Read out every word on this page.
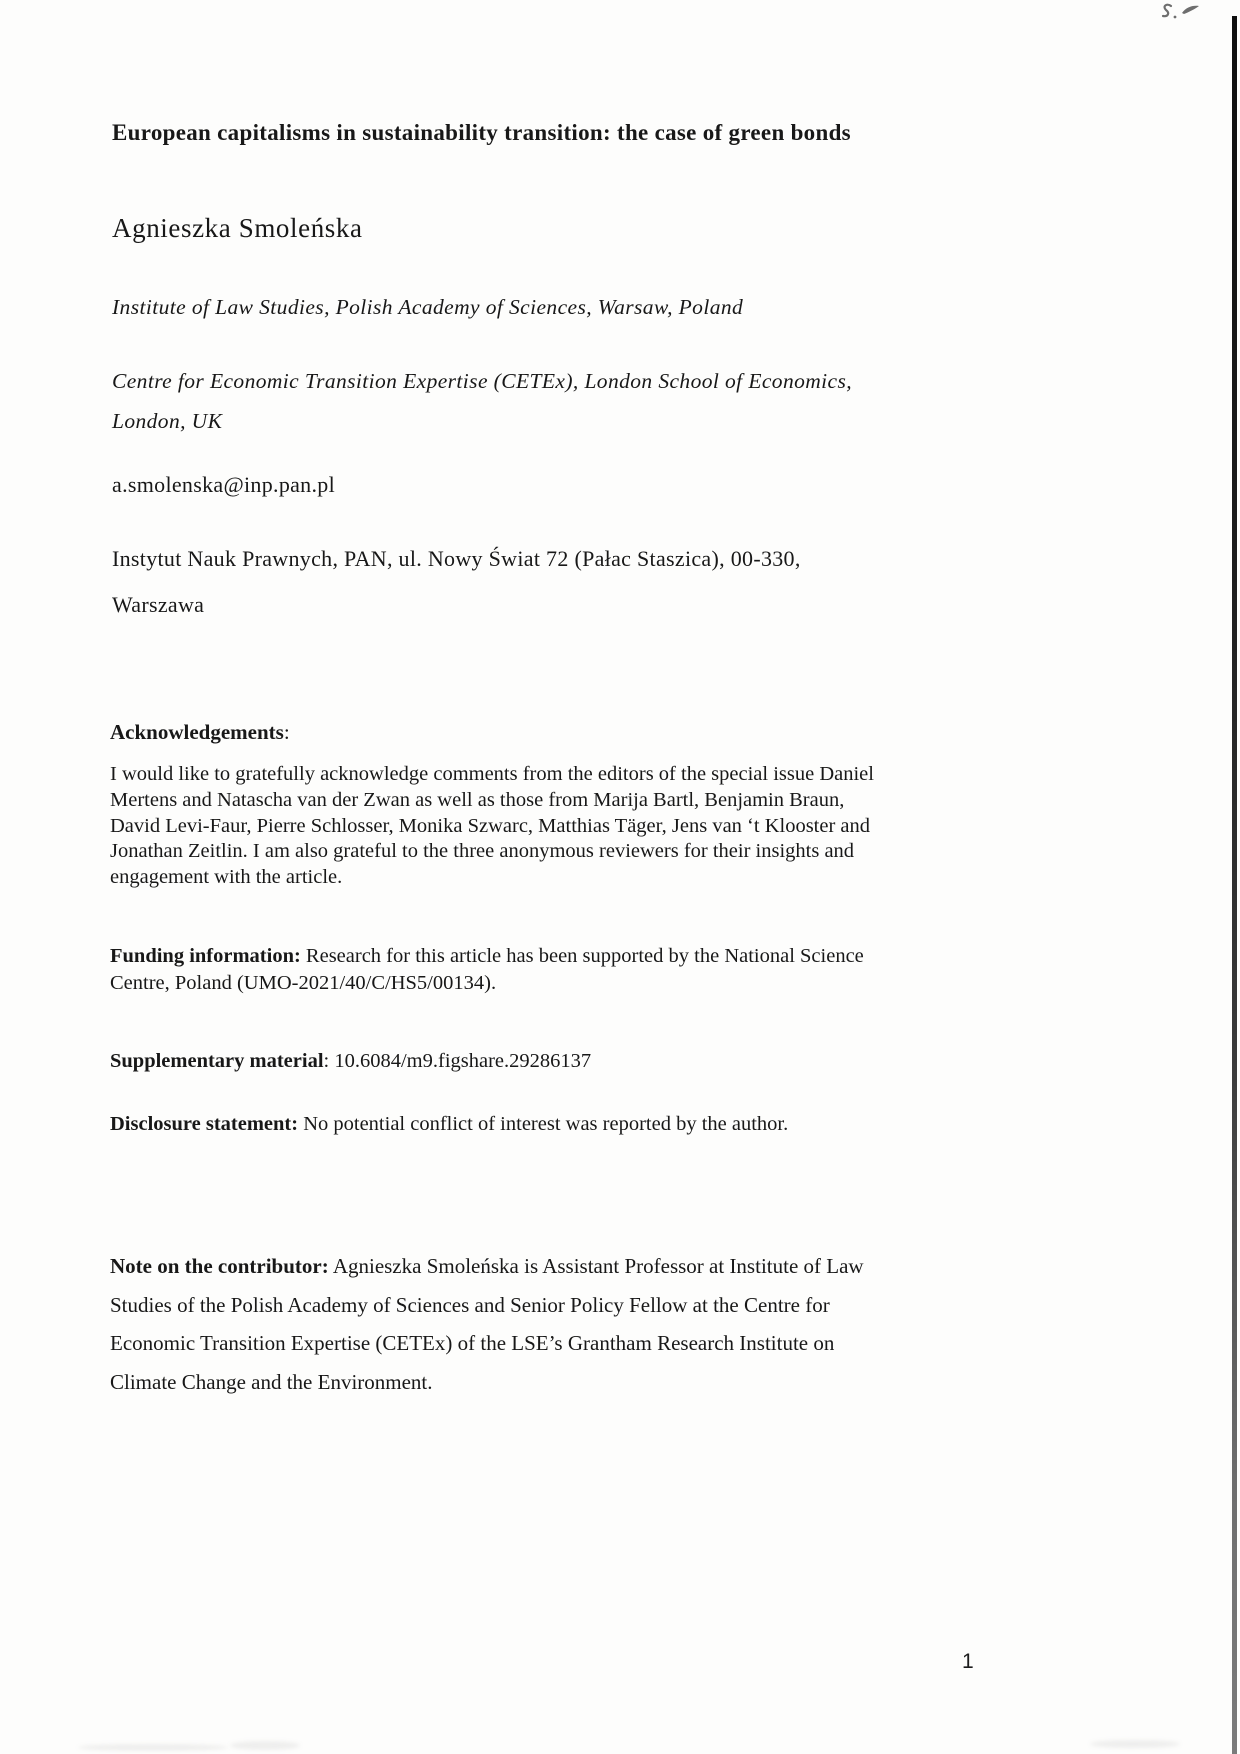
European capitalisms in sustainability transition: the case of green bonds
Agnieszka Smoleńska
Institute of Law Studies, Polish Academy of Sciences, Warsaw, Poland
Centre for Economic Transition Expertise (CETEx), London School of Economics,
London, UK
a.smolenska@inp.pan.pl
Instytut Nauk Prawnych, PAN, ul. Nowy Świat 72 (Pałac Staszica), 00-330,
Warszawa
Acknowledgements:

I would like to gratefully acknowledge comments from the editors of the special issue Daniel
Mertens and Natascha van der Zwan as well as those from Marija Bartl, Benjamin Braun,
David Levi-Faur, Pierre Schlosser, Monika Szwarc, Matthias Täger, Jens van ‘t Klooster and
Jonathan Zeitlin. I am also grateful to the three anonymous reviewers for their insights and
engagement with the article.

Funding information: Research for this article has been supported by the National Science
Centre, Poland (UMO-2021/40/C/HS5/00134).

Supplementary material: 10.6084/m9.figshare.29286137

Disclosure statement: No potential conflict of interest was reported by the author.

Note on the contributor: Agnieszka Smoleńska is Assistant Professor at Institute of Law
Studies of the Polish Academy of Sciences and Senior Policy Fellow at the Centre for
Economic Transition Expertise (CETEx) of the LSE’s Grantham Research Institute on
Climate Change and the Environment.

1
